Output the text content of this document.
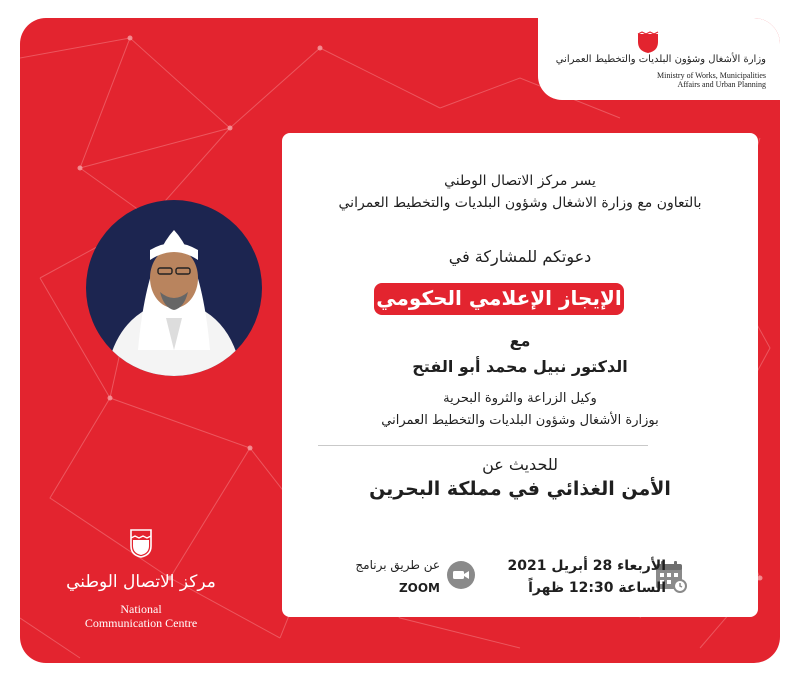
وزارة الأشغال وشؤون البلديات والتخطيط العمراني
Ministry of Works, Municipalities
Affairs and Urban Planning
يسر مركز الاتصال الوطني
بالتعاون مع وزارة الاشغال وشؤون البلديات والتخطيط العمراني
دعوتكم للمشاركة في
الإيجاز الإعلامي الحكومي
مع
الدكتور نبيل محمد أبو الفتح
وكيل الزراعة والثروة البحرية
بوزارة الأشغال وشؤون البلديات والتخطيط العمراني
للحديث عن
الأمن الغذائي في مملكة البحرين
الأربعاء 28 أبريل 2021
الساعة 12:30 ظهراً
عن طريق برنامج
ZOOM
مركز الاتصال الوطني
National
Communication Centre
